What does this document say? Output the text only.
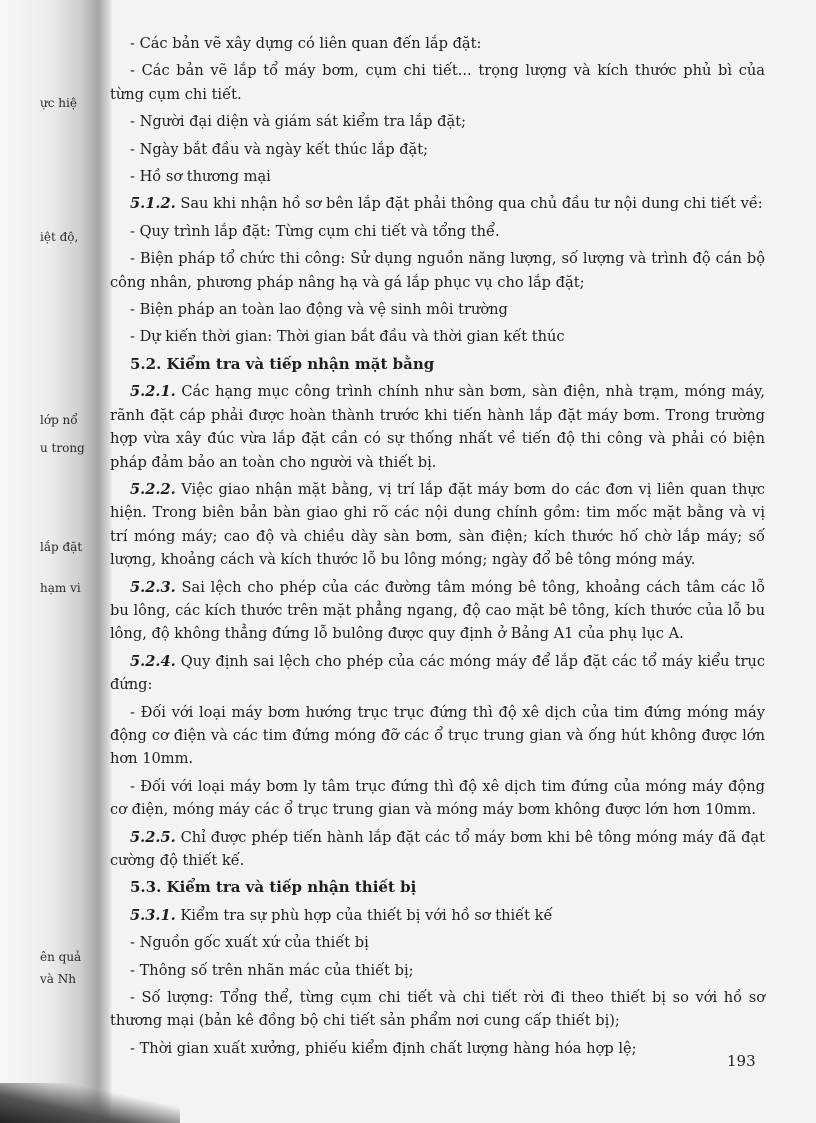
ực hiệ
iệt độ,
lớp nổ
u trong
lắp đặt
hạm vi
ên quả
và Nh

- Các bản vẽ xây dựng có liên quan đến lắp đặt:

- Các bản vẽ lắp tổ máy bơm, cụm chi tiết... trọng lượng và kích thước phủ bì của từng cụm chi tiết.

- Người đại diện và giám sát kiểm tra lắp đặt;

- Ngày bắt đầu và ngày kết thúc lắp đặt;

- Hồ sơ thương mại

5.1.2. Sau khi nhận hồ sơ bên lắp đặt phải thông qua chủ đầu tư nội dung chi tiết về:

- Quy trình lắp đặt: Từng cụm chi tiết và tổng thể.

- Biện pháp tổ chức thi công: Sử dụng nguồn năng lượng, số lượng và trình độ cán bộ công nhân, phương pháp nâng hạ và gá lắp phục vụ cho lắp đặt;

- Biện pháp an toàn lao động và vệ sinh môi trường

- Dự kiến thời gian: Thời gian bắt đầu và thời gian kết thúc

5.2. Kiểm tra và tiếp nhận mặt bằng

5.2.1. Các hạng mục công trình chính như sàn bơm, sàn điện, nhà trạm, móng máy, rãnh đặt cáp phải được hoàn thành trước khi tiến hành lắp đặt máy bơm. Trong trường hợp vừa xây đúc vừa lắp đặt cần có sự thống nhất về tiến độ thi công và phải có biện pháp đảm bảo an toàn cho người và thiết bị.

5.2.2. Việc giao nhận mặt bằng, vị trí lắp đặt máy bơm do các đơn vị liên quan thực hiện. Trong biên bản bàn giao ghi rõ các nội dung chính gồm: tim mốc mặt bằng và vị trí móng máy; cao độ và chiều dày sàn bơm, sàn điện; kích thước hố chờ lắp máy; số lượng, khoảng cách và kích thước lỗ bu lông móng; ngày đổ bê tông móng máy.

5.2.3. Sai lệch cho phép của các đường tâm móng bê tông, khoảng cách tâm các lỗ bu lông, các kích thước trên mặt phẳng ngang, độ cao mặt bê tông, kích thước của lỗ bu lông, độ không thẳng đứng lỗ bulông được quy định ở Bảng A1 của phụ lục A.

5.2.4. Quy định sai lệch cho phép của các móng máy để lắp đặt các tổ máy kiểu trục đứng:

- Đối với loại máy bơm hướng trục trục đứng thì độ xê dịch của tim đứng móng máy động cơ điện và các tim đứng móng đỡ các ổ trục trung gian và ống hút không được lớn hơn 10mm.

- Đối với loại máy bơm ly tâm trục đứng thì độ xê dịch tim đứng của móng máy động cơ điện, móng máy các ổ trục trung gian và móng máy bơm không được lớn hơn 10mm.

5.2.5. Chỉ được phép tiến hành lắp đặt các tổ máy bơm khi bê tông móng máy đã đạt cường độ thiết kế.

5.3. Kiểm tra và tiếp nhận thiết bị

5.3.1. Kiểm tra sự phù hợp của thiết bị với hồ sơ thiết kế

- Nguồn gốc xuất xứ của thiết bị

- Thông số trên nhãn mác của thiết bị;

- Số lượng: Tổng thể, từng cụm chi tiết và chi tiết rời đi theo thiết bị so với hồ sơ thương mại (bản kê đồng bộ chi tiết sản phẩm nơi cung cấp thiết bị);

- Thời gian xuất xưởng, phiếu kiểm định chất lượng hàng hóa hợp lệ;

193
